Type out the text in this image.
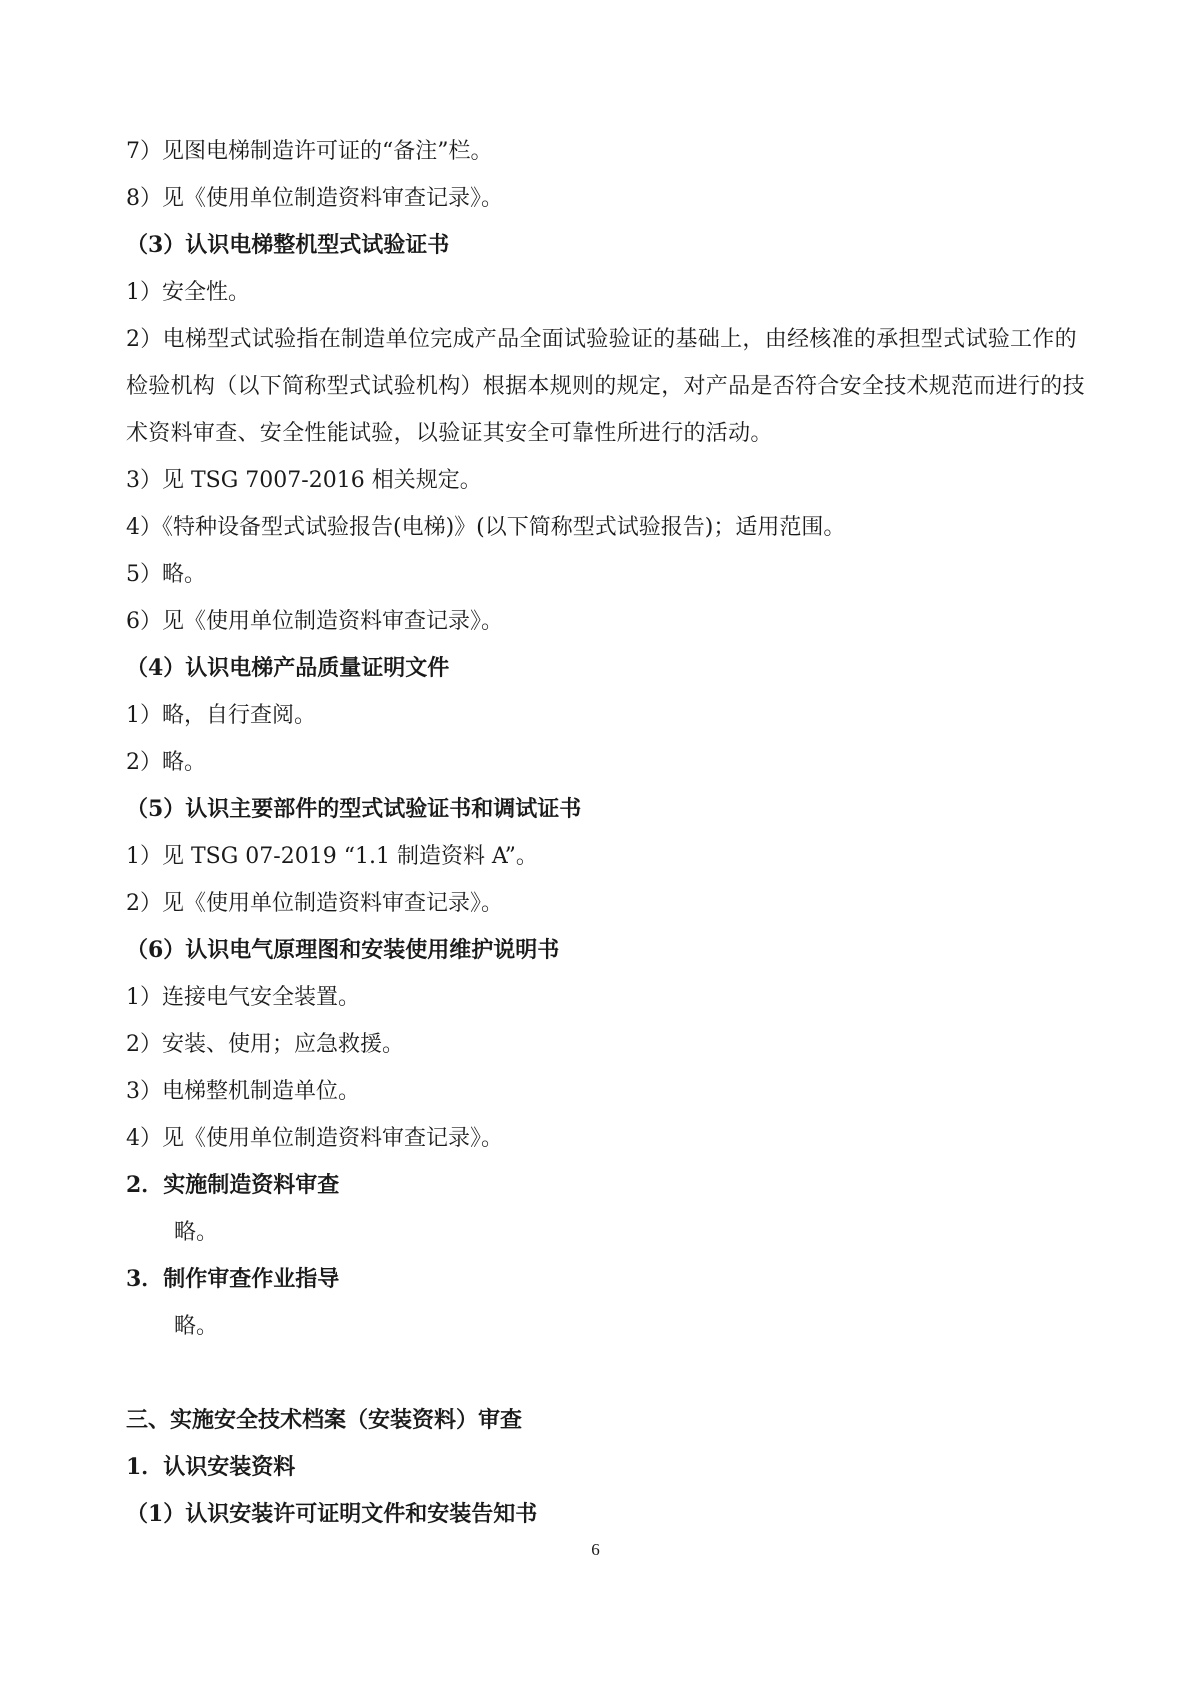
7）见图电梯制造许可证的“备注”栏。
8）见《使用单位制造资料审查记录》。
（3）认识电梯整机型式试验证书
1）安全性。
2）电梯型式试验指在制造单位完成产品全面试验验证的基础上，由经核准的承担型式试验工作的检验机构（以下简称型式试验机构）根据本规则的规定，对产品是否符合安全技术规范而进行的技术资料审查、安全性能试验，以验证其安全可靠性所进行的活动。
3）见 TSG 7007-2016 相关规定。
4）《特种设备型式试验报告(电梯)》(以下简称型式试验报告)；适用范围。
5）略。
6）见《使用单位制造资料审查记录》。
（4）认识电梯产品质量证明文件
1）略，自行查阅。
2）略。
（5）认识主要部件的型式试验证书和调试证书
1）见 TSG 07-2019 “1.1 制造资料 A”。
2）见《使用单位制造资料审查记录》。
（6）认识电气原理图和安装使用维护说明书
1）连接电气安全装置。
2）安装、使用；应急救援。
3）电梯整机制造单位。
4）见《使用单位制造资料审查记录》。
2．实施制造资料审查
略。
3．制作审查作业指导
略。
三、实施安全技术档案（安装资料）审查
1．认识安装资料
（1）认识安装许可证明文件和安装告知书
6
